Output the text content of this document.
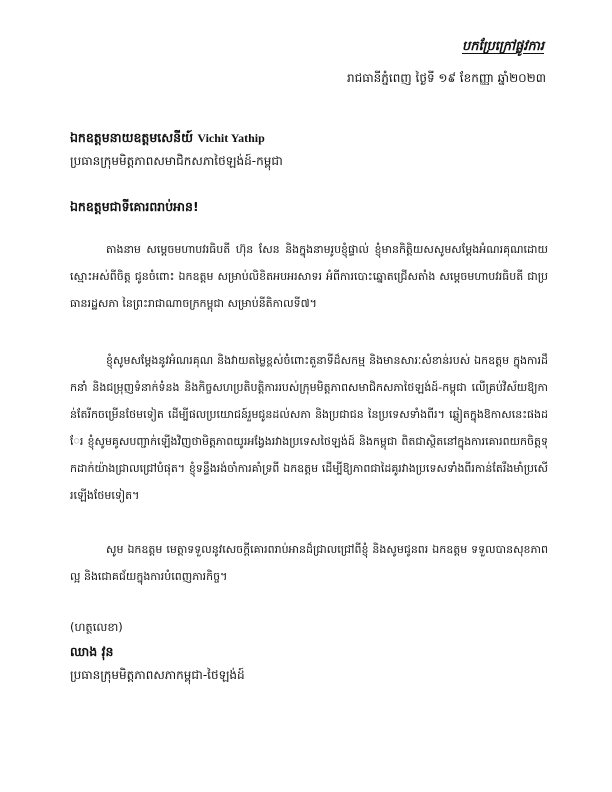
បកប្រែក្រៅផ្លូវការ
រាជធានីភ្នំពេញ ថ្ងៃទី ១៩ ខែកញ្ញា ឆ្នាំ២០២៣
ឯកឧត្តមនាយឧត្តមសេនីយ៍ Vichit Yathip
ប្រធានក្រុមមិត្តភាពសមាជិកសភាថៃឡង់ដ៍-កម្ពុជា
ឯកឧត្តមជាទីគោរពរាប់អាន!
តាងនាម សម្តេចមហាបវរធិបតី ហ៊ុន សែន និងក្នុងនាមរូបខ្ញុំផ្ទាល់ ខ្ញុំមានកិត្តិយសសូមសម្តែងអំណរគុណដោយស្មោះអស់ពីចិត្ត ជូនចំពោះ ឯកឧត្តម សម្រាប់លិខិតអបអរសាទរ អំពីការបោះឆ្នោតជ្រើសតាំង សម្តេចមហាបវរធិបតី ជាប្រធានរដ្ឋសភា នៃព្រះរាជាណាចក្រកម្ពុជា សម្រាប់នីតិកាលទី៧។
ខ្ញុំសូមសម្តែងនូវអំណរគុណ និងវាយតម្លៃខ្ពស់ចំពោះតួនាទីដ៏សកម្ម និងមានសារៈសំខាន់របស់ ឯកឧត្តម ក្នុងការដឹកនាំ និងជម្រុញទំនាក់ទំនង និងកិច្ចសហប្រតិបត្តិការរបស់ក្រុមមិត្តភាពសមាជិកសភាថៃឡង់ដ៍-កម្ពុជា លើគ្រប់វិស័យឱ្យកាន់តែរីកចម្រើនថែមទៀត ដើម្បីផលប្រយោជន៍រួមជូនដល់សភា និងប្រជាជន នៃប្រទេសទាំងពីរ។ ឆ្លៀតក្នុងឱកាសនេះផងដែរ ខ្ញុំសូមគូសបញ្ជាក់ឡើងវិញថាមិត្តភាពយូរអង្វែងរវាងប្រទេសថៃឡង់ដ៍ និងកម្ពុជា ពិតជាស្ថិតនៅក្នុងការគោរពយកចិត្តទុកដាក់យ៉ាងជ្រាលជ្រៅបំផុត។ ខ្ញុំទន្ទឹងរង់ចាំការគាំទ្រពី ឯកឧត្តម ដើម្បីឱ្យភាពជាដៃគូរវាងប្រទេសទាំងពីរកាន់តែរឹងមាំប្រសើរឡើងថែមទៀត។
សូម ឯកឧត្តម មេត្តាទទួលនូវសេចក្តីគោរពរាប់អានដ៏ជ្រាលជ្រៅពីខ្ញុំ និងសូមជូនពរ ឯកឧត្តម ទទួលបានសុខភាពល្អ និងជោគជ័យក្នុងការបំពេញភារកិច្ច។
(ហត្ថលេខា)
ឈាង វុន
ប្រធានក្រុមមិត្តភាពសភាកម្ពុជា-ថៃឡង់ដ៍
